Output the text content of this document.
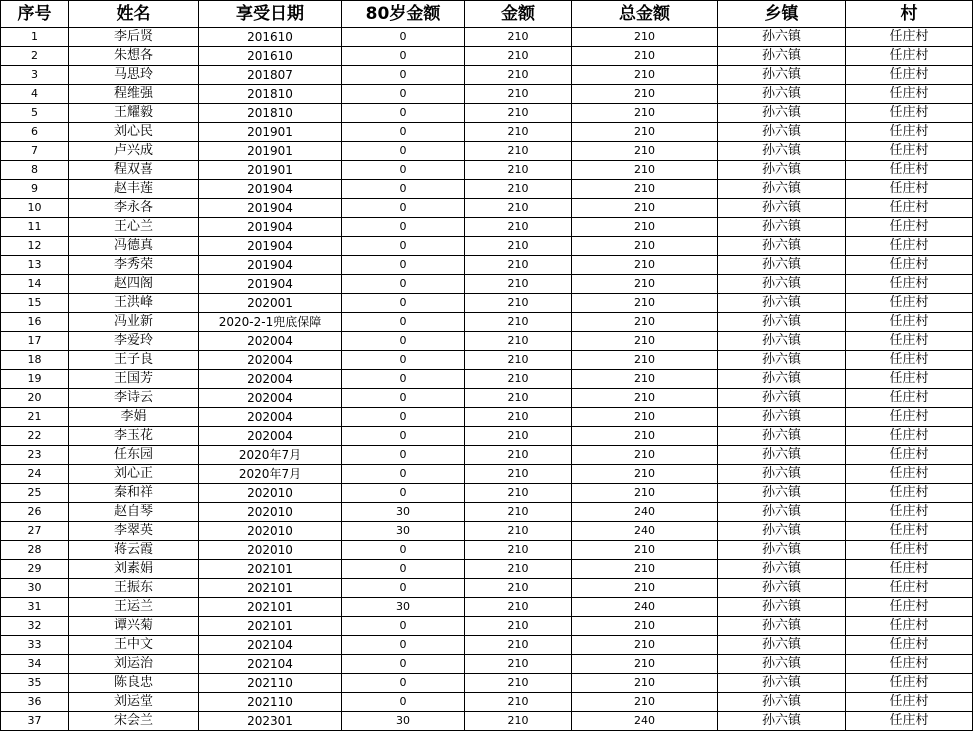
序号	姓名	享受日期	80岁金额	金额	总金额	乡镇	村
1	李后贤	201610	0	210	210	孙六镇	任庄村
2	朱想各	201610	0	210	210	孙六镇	任庄村
3	马思玲	201807	0	210	210	孙六镇	任庄村
4	程维强	201810	0	210	210	孙六镇	任庄村
5	王耀毅	201810	0	210	210	孙六镇	任庄村
6	刘心民	201901	0	210	210	孙六镇	任庄村
7	卢兴成	201901	0	210	210	孙六镇	任庄村
8	程双喜	201901	0	210	210	孙六镇	任庄村
9	赵丰莲	201904	0	210	210	孙六镇	任庄村
10	李永各	201904	0	210	210	孙六镇	任庄村
11	王心兰	201904	0	210	210	孙六镇	任庄村
12	冯德真	201904	0	210	210	孙六镇	任庄村
13	李秀荣	201904	0	210	210	孙六镇	任庄村
14	赵四阁	201904	0	210	210	孙六镇	任庄村
15	王洪峰	202001	0	210	210	孙六镇	任庄村
16	冯业新	2020-2-1兜底保障	0	210	210	孙六镇	任庄村
17	李爱玲	202004	0	210	210	孙六镇	任庄村
18	王子良	202004	0	210	210	孙六镇	任庄村
19	王国芳	202004	0	210	210	孙六镇	任庄村
20	李诗云	202004	0	210	210	孙六镇	任庄村
21	李娟	202004	0	210	210	孙六镇	任庄村
22	李玉花	202004	0	210	210	孙六镇	任庄村
23	任东园	2020年7月	0	210	210	孙六镇	任庄村
24	刘心正	2020年7月	0	210	210	孙六镇	任庄村
25	秦和祥	202010	0	210	210	孙六镇	任庄村
26	赵自琴	202010	30	210	240	孙六镇	任庄村
27	李翠英	202010	30	210	240	孙六镇	任庄村
28	蒋云霞	202010	0	210	210	孙六镇	任庄村
29	刘素娟	202101	0	210	210	孙六镇	任庄村
30	王振东	202101	0	210	210	孙六镇	任庄村
31	王运兰	202101	30	210	240	孙六镇	任庄村
32	谭兴菊	202101	0	210	210	孙六镇	任庄村
33	王中文	202104	0	210	210	孙六镇	任庄村
34	刘运治	202104	0	210	210	孙六镇	任庄村
35	陈良忠	202110	0	210	210	孙六镇	任庄村
36	刘运堂	202110	0	210	210	孙六镇	任庄村
37	宋会兰	202301	30	210	240	孙六镇	任庄村
